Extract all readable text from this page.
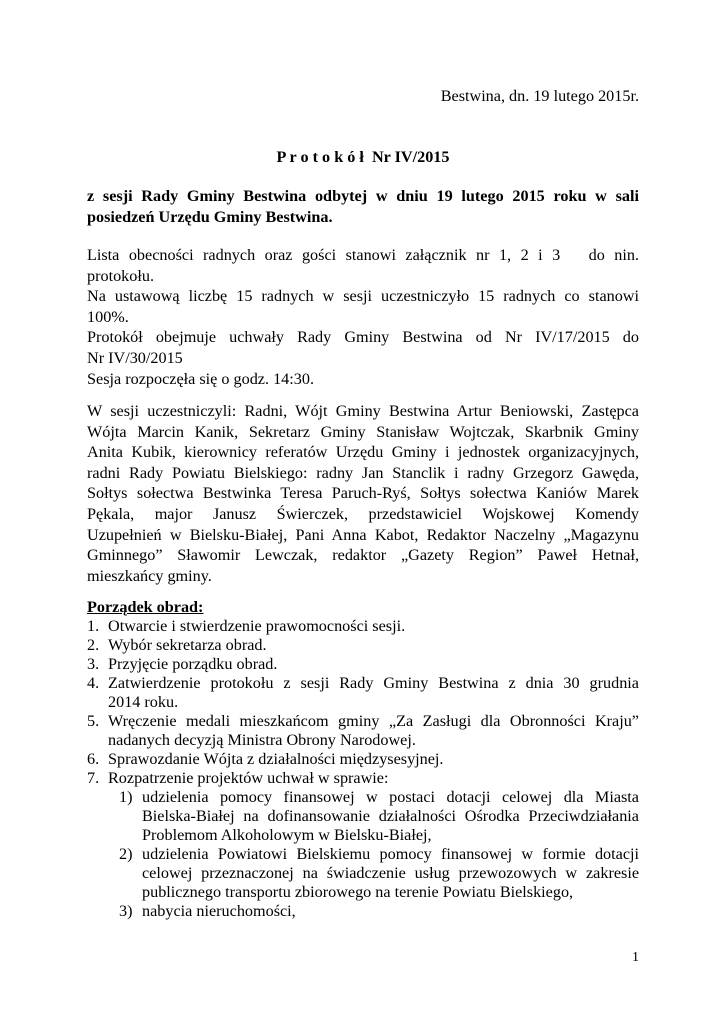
Bestwina, dn. 19 lutego 2015r.
P r o t o k ó ł  Nr IV/2015
z sesji Rady Gminy Bestwina odbytej w dniu 19 lutego 2015 roku w sali
posiedzeń Urzędu Gminy Bestwina.
Lista obecności radnych oraz gości stanowi załącznik nr 1, 2 i 3   do nin.
protokołu.
Na ustawową liczbę 15 radnych w sesji uczestniczyło 15 radnych co stanowi
100%.
Protokół obejmuje uchwały Rady Gminy Bestwina od Nr IV/17/2015 do
Nr IV/30/2015
Sesja rozpoczęła się o godz. 14:30.
W sesji uczestniczyli: Radni, Wójt Gminy Bestwina Artur Beniowski, Zastępca
Wójta Marcin Kanik, Sekretarz Gminy Stanisław Wojtczak, Skarbnik Gminy
Anita Kubik, kierownicy referatów Urzędu Gminy i jednostek organizacyjnych,
radni Rady Powiatu Bielskiego: radny Jan Stanclik i radny Grzegorz Gawęda,
Sołtys sołectwa Bestwinka Teresa Paruch-Ryś, Sołtys sołectwa Kaniów Marek
Pękala, major Janusz Świerczek, przedstawiciel Wojskowej Komendy
Uzupełnień w Bielsku-Białej, Pani Anna Kabot, Redaktor Naczelny „Magazynu
Gminnego” Sławomir Lewczak, redaktor „Gazety Region” Paweł Hetnał,
mieszkańcy gminy.
Porządek obrad:
1. Otwarcie i stwierdzenie prawomocności sesji.
2. Wybór sekretarza obrad.
3. Przyjęcie porządku obrad.
4. Zatwierdzenie protokołu z sesji Rady Gminy Bestwina z dnia 30 grudnia
2014 roku.
5. Wręczenie medali mieszkańcom gminy „Za Zasługi dla Obronności Kraju”
nadanych decyzją Ministra Obrony Narodowej.
6. Sprawozdanie Wójta z działalności międzysesyjnej.
7. Rozpatrzenie projektów uchwał w sprawie:
1) udzielenia pomocy finansowej w postaci dotacji celowej dla Miasta
Bielska-Białej na dofinansowanie działalności Ośrodka Przeciwdziałania
Problemom Alkoholowym w Bielsku-Białej,
2) udzielenia Powiatowi Bielskiemu pomocy finansowej w formie dotacji
celowej przeznaczonej na świadczenie usług przewozowych w zakresie
publicznego transportu zbiorowego na terenie Powiatu Bielskiego,
3) nabycia nieruchomości,
1
